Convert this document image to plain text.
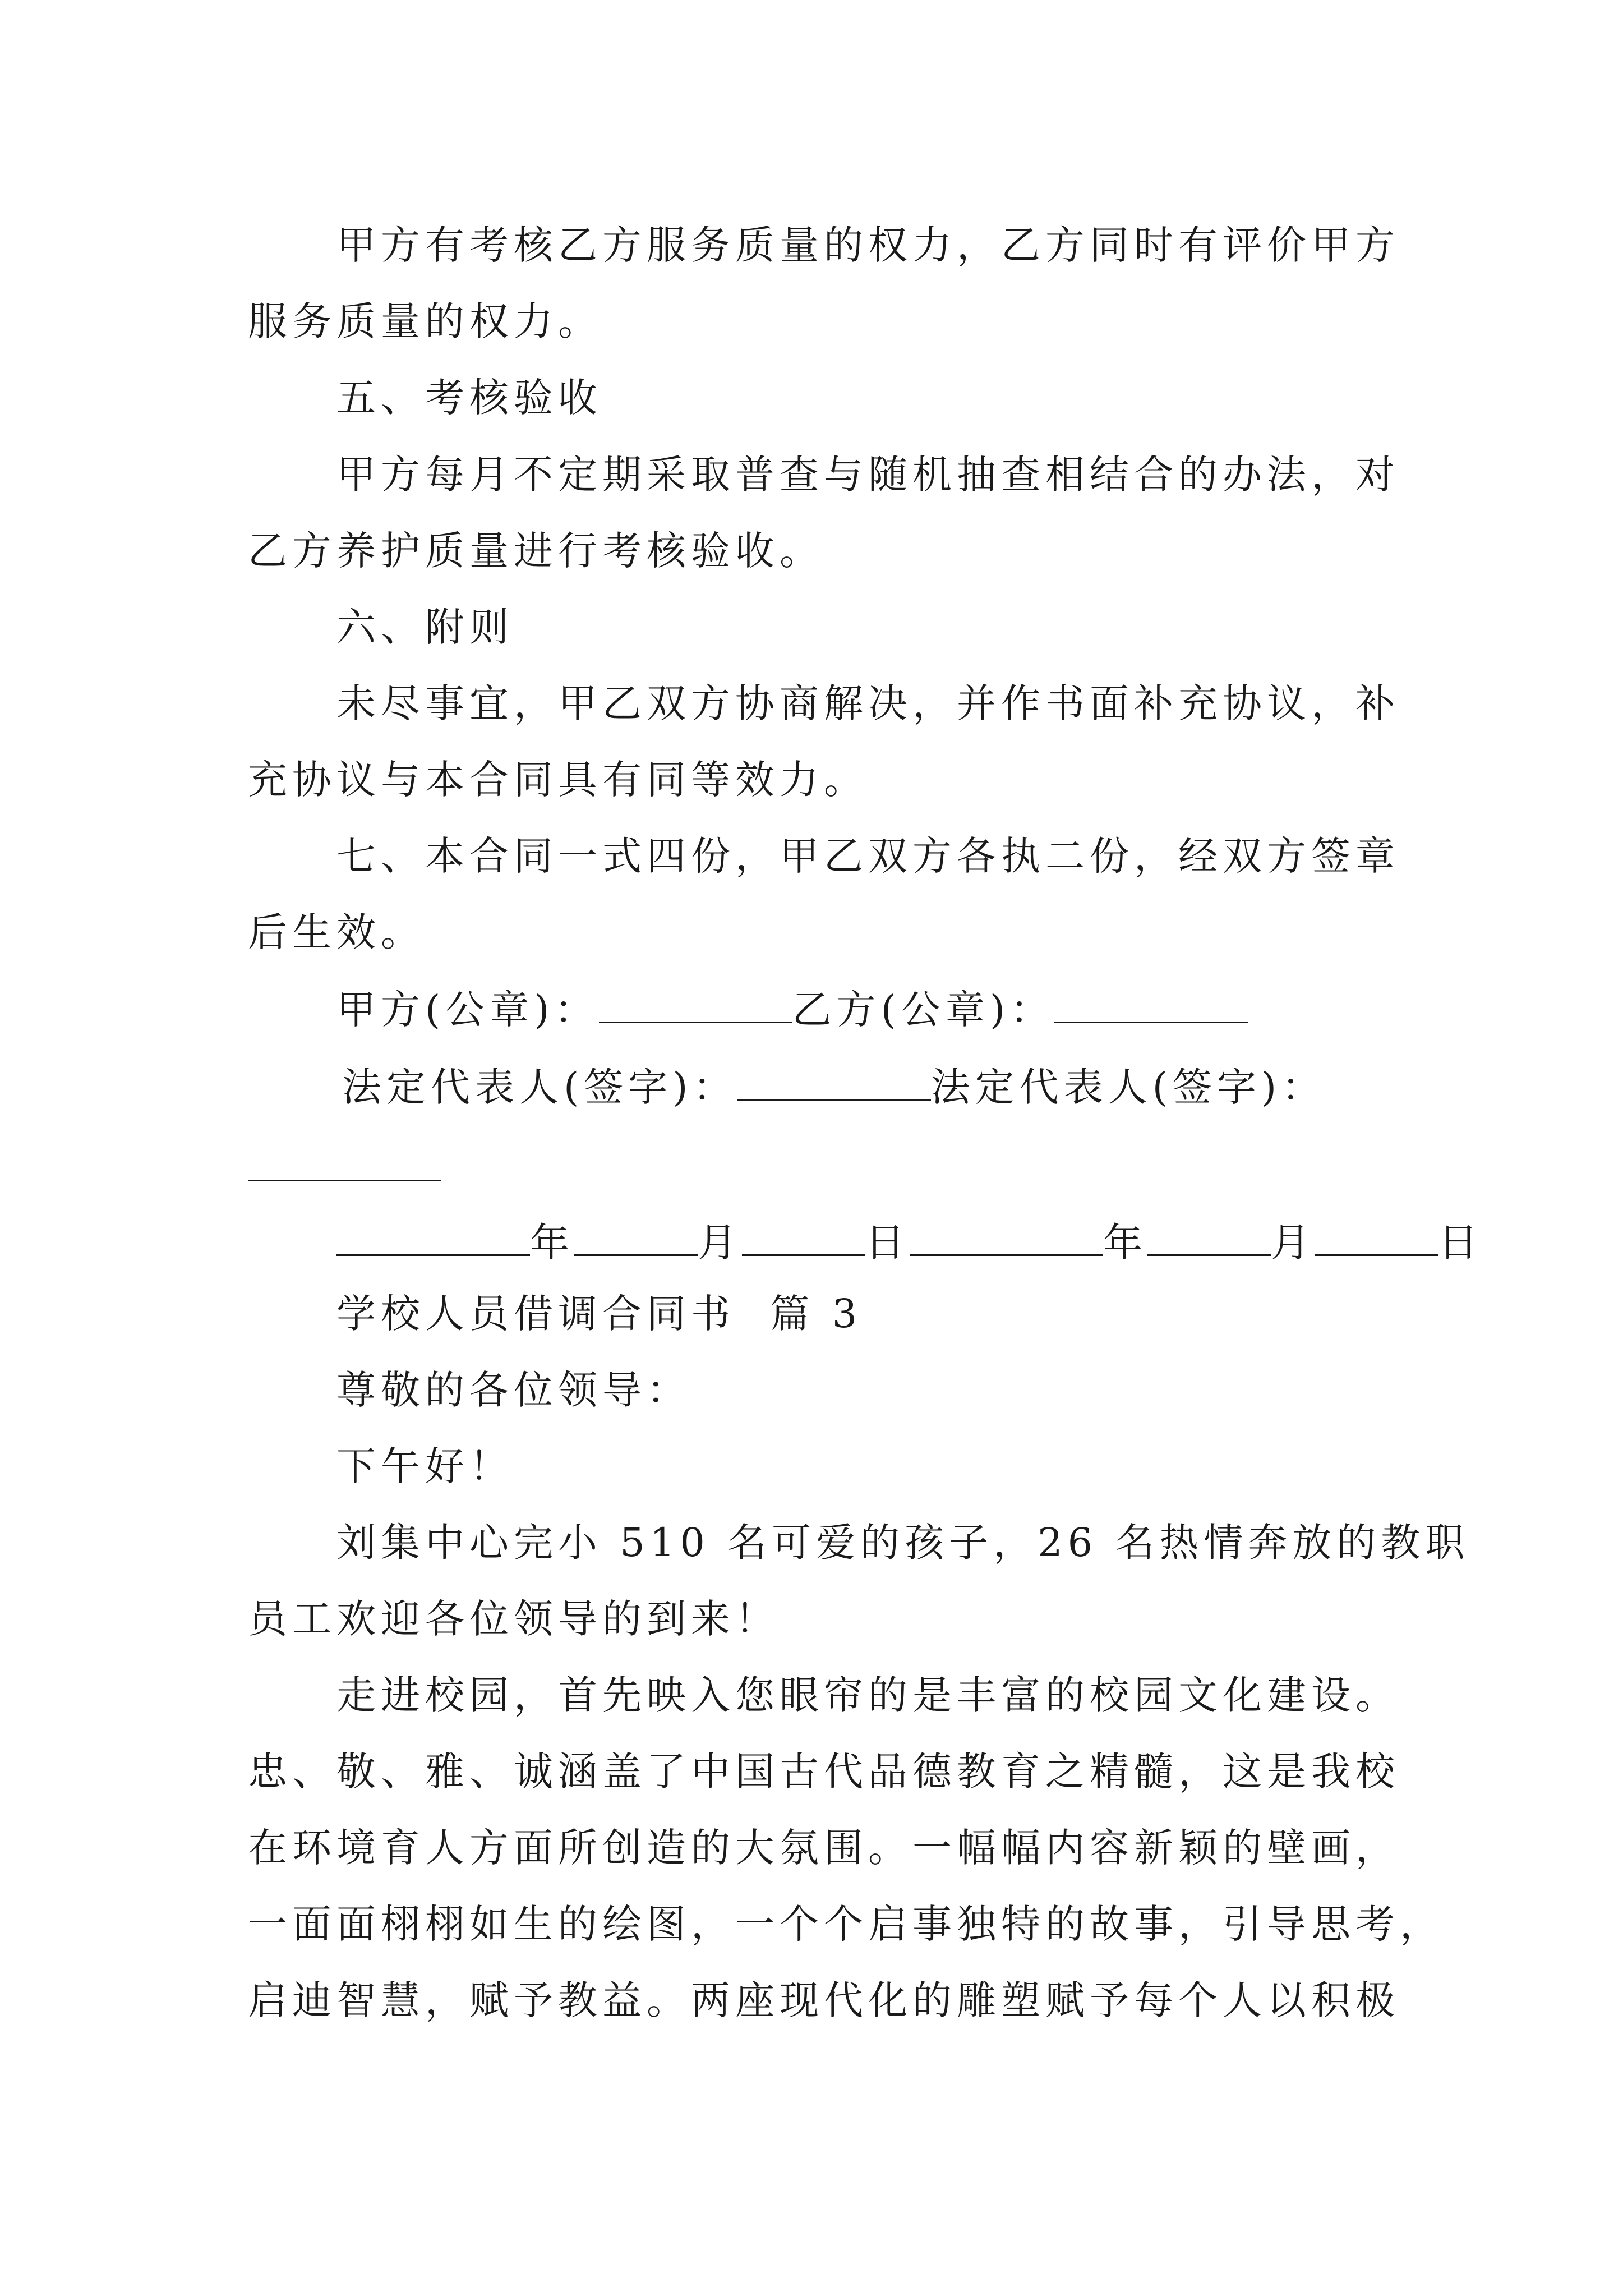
甲方有考核乙方服务质量的权力，乙方同时有评价甲方
服务质量的权力。
五、考核验收
甲方每月不定期采取普查与随机抽查相结合的办法，对
乙方养护质量进行考核验收。
六、附则
未尽事宜，甲乙双方协商解决，并作书面补充协议，补
充协议与本合同具有同等效力。
七、本合同一式四份，甲乙双方各执二份，经双方签章
后生效。
甲方(公章)：	乙方(公章)：
法定代表人(签字)：	法定代表人(签字)：
年	月	日	年	月	日
学校人员借调合同书  篇 3
尊敬的各位领导：
下午好！
刘集中心完小 510 名可爱的孩子，26 名热情奔放的教职
员工欢迎各位领导的到来！
走进校园，首先映入您眼帘的是丰富的校园文化建设。
忠、敬、雅、诚涵盖了中国古代品德教育之精髓，这是我校
在环境育人方面所创造的大氛围。一幅幅内容新颖的壁画，
一面面栩栩如生的绘图，一个个启事独特的故事，引导思考，
启迪智慧，赋予教益。两座现代化的雕塑赋予每个人以积极
